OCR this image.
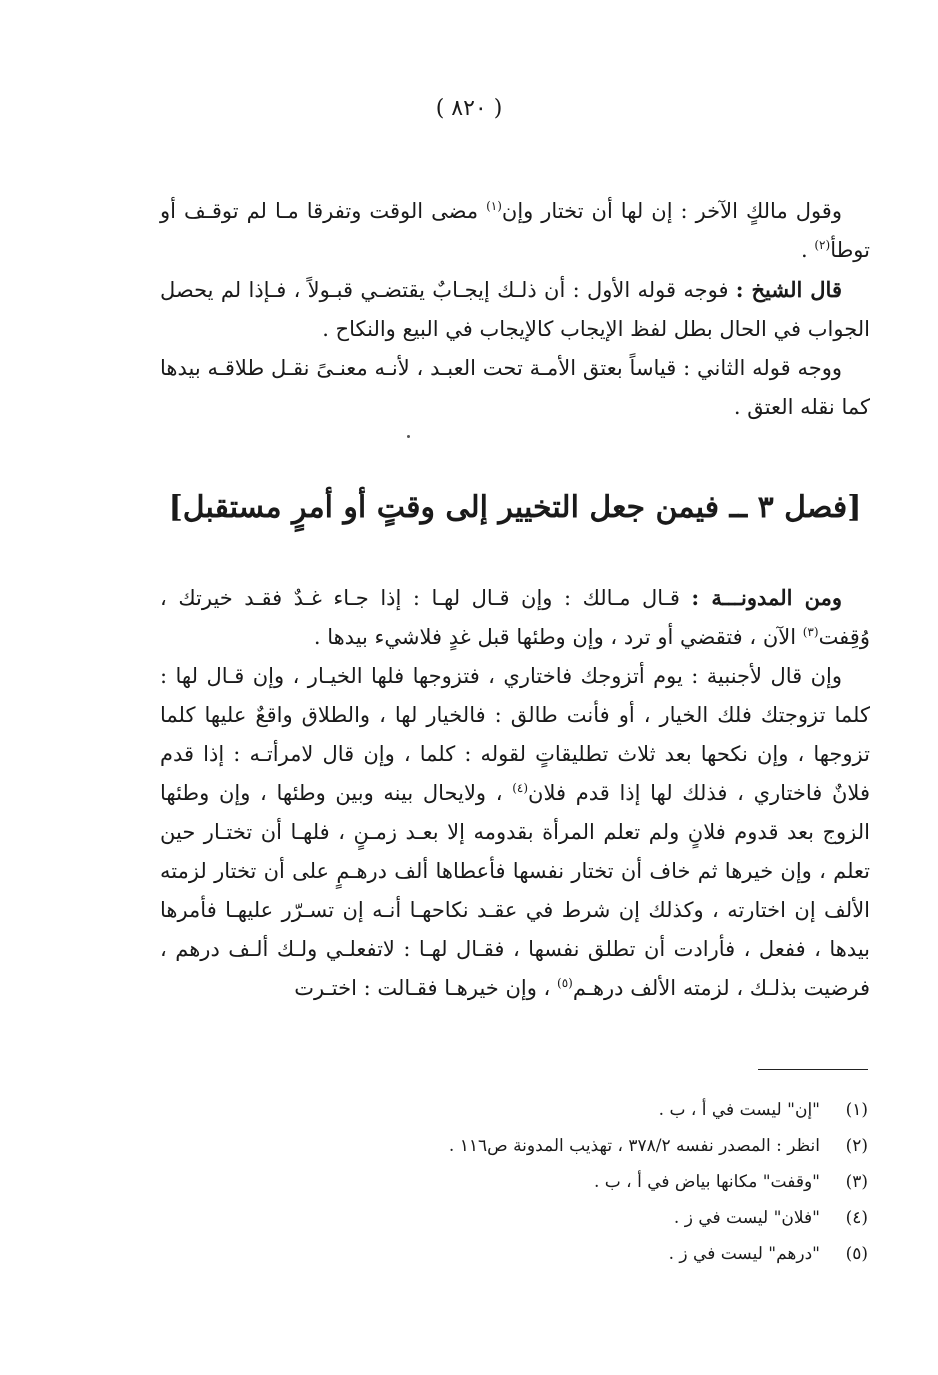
( ٨٢٠ )

وقول مالكٍ الآخر : إن لها أن تختار وإن$^{(١)}$ مضى الوقت وتفرقا مـا لم توقـف أو توطأ$^{(٢)}$ .

قال الشيخ : فوجه قوله الأول : أن ذلـك إيجـابٌ يقتضـي قبـولاً ، فـإذا لم يحصل الجواب في الحال بطل لفظ الإيجاب كالإيجاب في البيع والنكاح .

ووجه قوله الثاني : قياساً بعتق الأمـة تحت العبـد ، لأنـه معنـىً نقـل طلاقـه بيدها كما نقله العتق .

[فصل ٣ ــ فيمن جعل التخيير إلى وقتٍ أو أمرٍ مستقبل]

ومن المدونـــة : قـال مـالك : وإن قـال لهـا : إذا جـاء غـدٌ فقـد خيرتك ، وُقِفت$^{(٣)}$ الآن ، فتقضي أو ترد ، وإن وطئها قبل غدٍ فلاشيء بيدها .

وإن قال لأجنبية : يوم أتزوجك فاختاري ، فتزوجها فلها الخيـار ، وإن قـال لها : كلما تزوجتك فلك الخيار ، أو فأنت طالق : فالخيار لها ، والطلاق واقعٌ عليها كلما تزوجها ، وإن نكحها بعد ثلاث تطليقاتٍ لقوله : كلما ، وإن قال لامرأتـه : إذا قدم فلانٌ فاختاري ، فذلك لها إذا قدم فلان$^{(٤)}$ ، ولايحال بينه وبين وطئها ، وإن وطئها الزوج بعد قدوم فلانٍ ولم تعلم المرأة بقدومه إلا بعـد زمـنٍ ، فلهـا أن تختـار حين تعلم ، وإن خيرها ثم خاف أن تختار نفسها فأعطاها ألف درهـمٍ على أن تختار لزمته الألف إن اختارته ، وكذلك إن شرط في عقـد نكاحهـا أنـه إن تسـرّر عليهـا فأمرها بيدها ، ففعل ، فأرادت أن تطلق نفسها ، فقـال لهـا : لاتفعلـي ولـك ألـف درهم ، فرضيت بذلـك ، لزمته الألف درهـم$^{(٥)}$ ، وإن خيرهـا فقـالت : اختـرت

(١)
"إن" ليست في أ ، ب .
(٢)
انظر : المصدر نفسه ٣٧٨/٢ ، تهذيب المدونة ص١١٦ .
(٣)
"وقفت" مكانها بياض في أ ، ب .
(٤)
"فلان" ليست في ز .
(٥)
"درهم" ليست في ز .
